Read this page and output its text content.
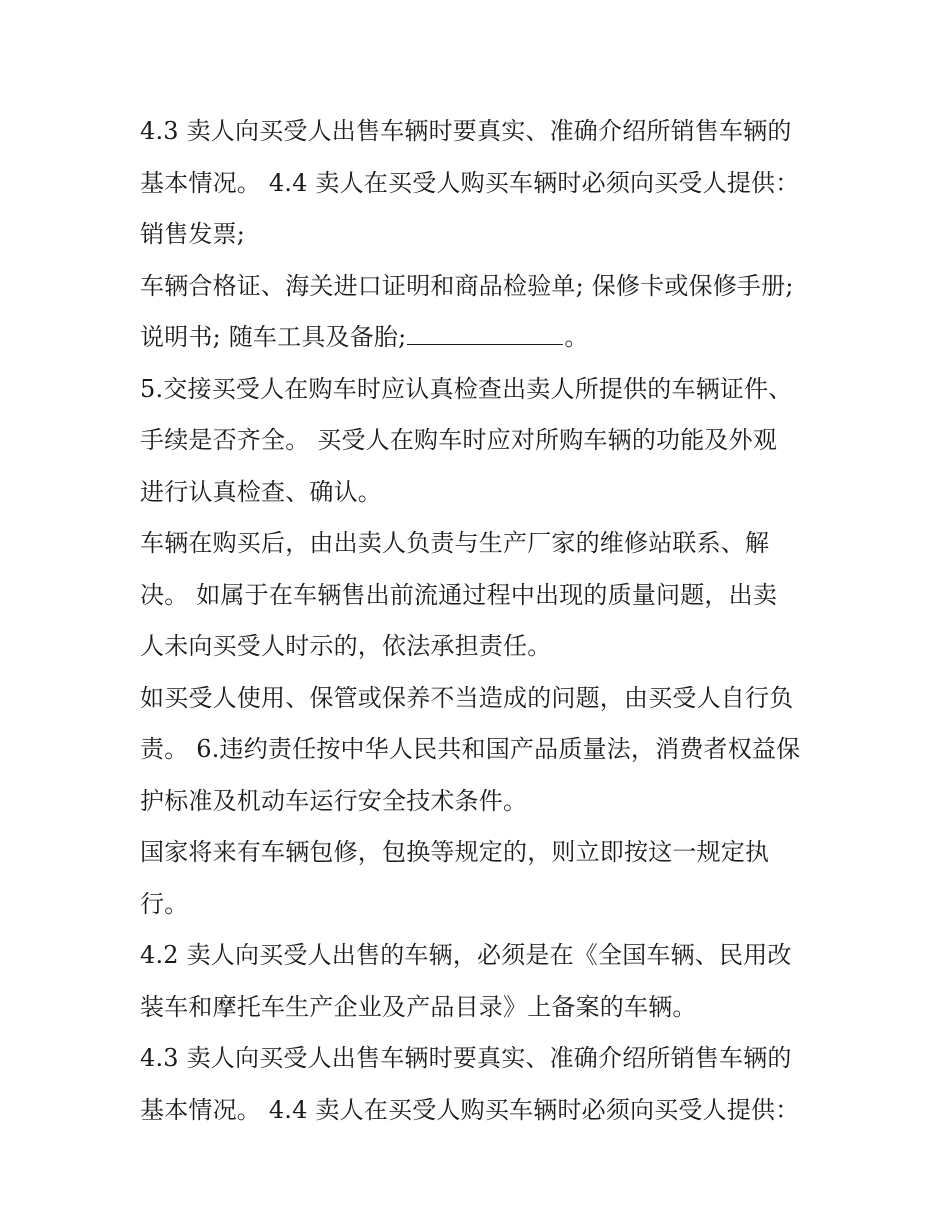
4.3 卖人向买受人出售车辆时要真实、准确介绍所销售车辆的
基本情况。 4.4 卖人在买受人购买车辆时必须向买受人提供：
销售发票;
车辆合格证、海关进口证明和商品检验单; 保修卡或保修手册;
说明书; 随车工具及备胎;	。
5.交接买受人在购车时应认真检查出卖人所提供的车辆证件、
手续是否齐全。 买受人在购车时应对所购车辆的功能及外观
进行认真检查、确认。
车辆在购买后，由出卖人负责与生产厂家的维修站联系、解
决。 如属于在车辆售出前流通过程中出现的质量问题，出卖
人未向买受人时示的，依法承担责任。
如买受人使用、保管或保养不当造成的问题，由买受人自行负
责。 6.违约责任按中华人民共和国产品质量法，消费者权益保
护标准及机动车运行安全技术条件。
国家将来有车辆包修，包换等规定的，则立即按这一规定执
行。
4.2 卖人向买受人出售的车辆，必须是在《全国车辆、民用改
装车和摩托车生产企业及产品目录》上备案的车辆。
4.3 卖人向买受人出售车辆时要真实、准确介绍所销售车辆的
基本情况。 4.4 卖人在买受人购买车辆时必须向买受人提供：
